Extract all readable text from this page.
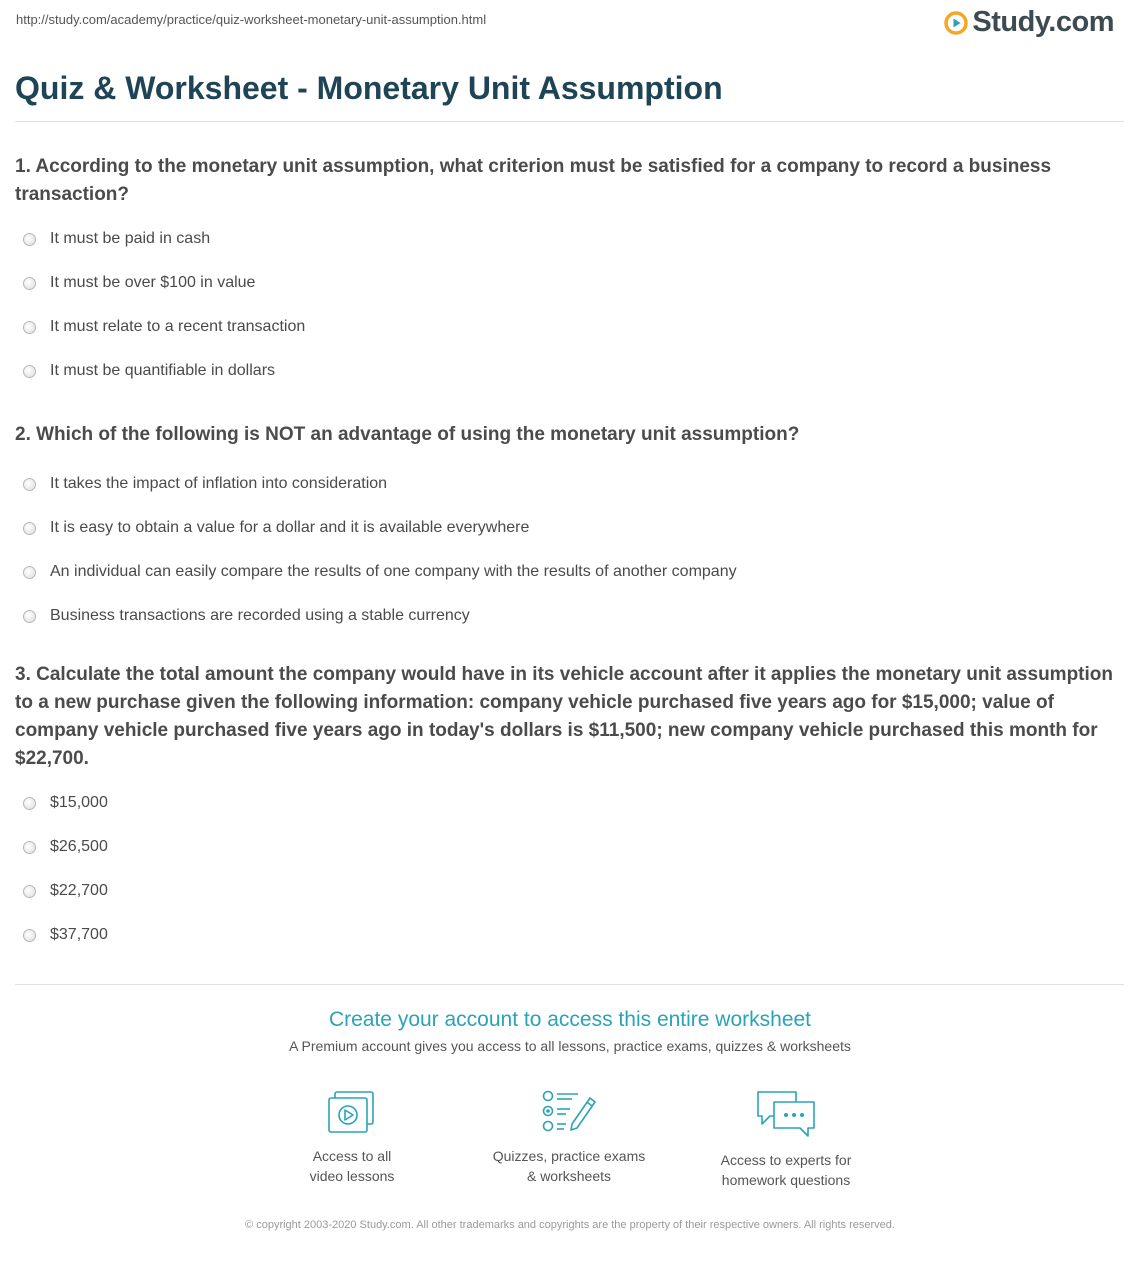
http://study.com/academy/practice/quiz-worksheet-monetary-unit-assumption.html	Study.com
Quiz & Worksheet - Monetary Unit Assumption

1. According to the monetary unit assumption, what criterion must be satisfied for a company to record a business transaction?

It must be paid in cash
It must be over $100 in value
It must relate to a recent transaction
It must be quantifiable in dollars

2. Which of the following is NOT an advantage of using the monetary unit assumption?

It takes the impact of inflation into consideration
It is easy to obtain a value for a dollar and it is available everywhere
An individual can easily compare the results of one company with the results of another company
Business transactions are recorded using a stable currency

3. Calculate the total amount the company would have in its vehicle account after it applies the monetary unit assumption to a new purchase given the following information: company vehicle purchased five years ago for $15,000; value of company vehicle purchased five years ago in today's dollars is $11,500; new company vehicle purchased this month for $22,700.

$15,000
$26,500
$22,700
$37,700
Create your account to access this entire worksheet

A Premium account gives you access to all lessons, practice exams, quizzes & worksheets

Access to all
video lessons
Quizzes, practice exams
& worksheets
Access to experts for
homework questions
© copyright 2003-2020 Study.com. All other trademarks and copyrights are the property of their respective owners. All rights reserved.
